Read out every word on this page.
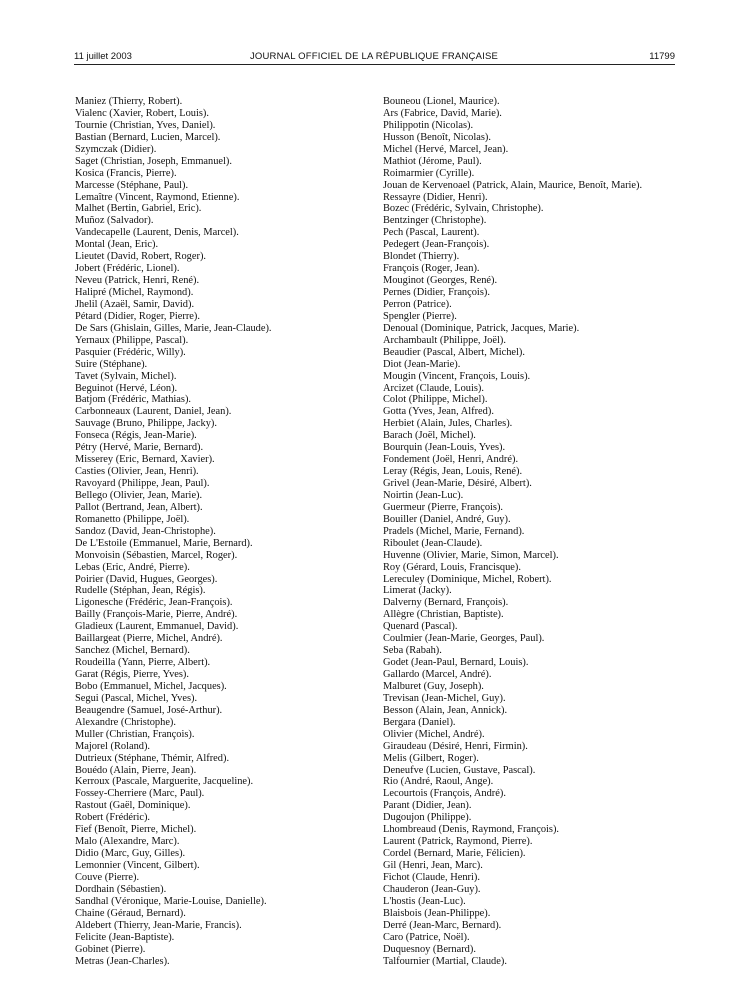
11 juillet 2003	JOURNAL OFFICIEL DE LA RÉPUBLIQUE FRANÇAISE	11799
Maniez (Thierry, Robert).
Vialenc (Xavier, Robert, Louis).
Tournie (Christian, Yves, Daniel).
Bastian (Bernard, Lucien, Marcel).
Szymczak (Didier).
Saget (Christian, Joseph, Emmanuel).
Kosica (Francis, Pierre).
Marcesse (Stéphane, Paul).
Lemaître (Vincent, Raymond, Etienne).
Malhet (Bertin, Gabriel, Eric).
Muñoz (Salvador).
Vandecapelle (Laurent, Denis, Marcel).
Montal (Jean, Eric).
Lieutet (David, Robert, Roger).
Jobert (Frédéric, Lionel).
Neveu (Patrick, Henri, René).
Halipré (Michel, Raymond).
Jhelil (Azaël, Samir, David).
Pétard (Didier, Roger, Pierre).
De Sars (Ghislain, Gilles, Marie, Jean-Claude).
Yernaux (Philippe, Pascal).
Pasquier (Frédéric, Willy).
Suire (Stéphane).
Tavet (Sylvain, Michel).
Beguinot (Hervé, Léon).
Batjom (Frédéric, Mathias).
Carbonneaux (Laurent, Daniel, Jean).
Sauvage (Bruno, Philippe, Jacky).
Fonseca (Régis, Jean-Marie).
Pétry (Hervé, Marie, Bernard).
Misserey (Eric, Bernard, Xavier).
Casties (Olivier, Jean, Henri).
Ravoyard (Philippe, Jean, Paul).
Bellego (Olivier, Jean, Marie).
Pallot (Bertrand, Jean, Albert).
Romanetto (Philippe, Joël).
Sandoz (David, Jean-Christophe).
De L'Estoile (Emmanuel, Marie, Bernard).
Monvoisin (Sébastien, Marcel, Roger).
Lebas (Eric, André, Pierre).
Poirier (David, Hugues, Georges).
Rudelle (Stéphan, Jean, Régis).
Ligonesche (Frédéric, Jean-François).
Bailly (François-Marie, Pierre, André).
Gladieux (Laurent, Emmanuel, David).
Baillargeat (Pierre, Michel, André).
Sanchez (Michel, Bernard).
Roudeilla (Yann, Pierre, Albert).
Garat (Régis, Pierre, Yves).
Bobo (Emmanuel, Michel, Jacques).
Segui (Pascal, Michel, Yves).
Beaugendre (Samuel, José-Arthur).
Alexandre (Christophe).
Muller (Christian, François).
Majorel (Roland).
Dutrieux (Stéphane, Thémir, Alfred).
Bouédo (Alain, Pierre, Jean).
Kerroux (Pascale, Marguerite, Jacqueline).
Fossey-Cherriere (Marc, Paul).
Rastout (Gaël, Dominique).
Robert (Frédéric).
Fief (Benoît, Pierre, Michel).
Malo (Alexandre, Marc).
Didio (Marc, Guy, Gilles).
Lemonnier (Vincent, Gilbert).
Couve (Pierre).
Dordhain (Sébastien).
Sandhal (Véronique, Marie-Louise, Danielle).
Chaine (Géraud, Bernard).
Aldebert (Thierry, Jean-Marie, Francis).
Felicite (Jean-Baptiste).
Gobinet (Pierre).
Metras (Jean-Charles).
Bouneou (Lionel, Maurice).
Ars (Fabrice, David, Marie).
Philippotin (Nicolas).
Husson (Benoît, Nicolas).
Michel (Hervé, Marcel, Jean).
Mathiot (Jérome, Paul).
Roimarmier (Cyrille).
Jouan de Kervenoael (Patrick, Alain, Maurice, Benoît, Marie).
Ressayre (Didier, Henri).
Bozec (Frédéric, Sylvain, Christophe).
Bentzinger (Christophe).
Pech (Pascal, Laurent).
Pedegert (Jean-François).
Blondet (Thierry).
François (Roger, Jean).
Mouginot (Georges, René).
Pernes (Didier, François).
Perron (Patrice).
Spengler (Pierre).
Denoual (Dominique, Patrick, Jacques, Marie).
Archambault (Philippe, Joël).
Beaudier (Pascal, Albert, Michel).
Diot (Jean-Marie).
Mougin (Vincent, François, Louis).
Arcizet (Claude, Louis).
Colot (Philippe, Michel).
Gotta (Yves, Jean, Alfred).
Herbiet (Alain, Jules, Charles).
Barach (Joël, Michel).
Bourquin (Jean-Louis, Yves).
Fondement (Joël, Henri, André).
Leray (Régis, Jean, Louis, René).
Grivel (Jean-Marie, Désiré, Albert).
Noirtin (Jean-Luc).
Guermeur (Pierre, François).
Bouiller (Daniel, André, Guy).
Pradels (Michel, Marie, Fernand).
Riboulet (Jean-Claude).
Huvenne (Olivier, Marie, Simon, Marcel).
Roy (Gérard, Louis, Francisque).
Lereculey (Dominique, Michel, Robert).
Limerat (Jacky).
Dalverny (Bernard, François).
Allègre (Christian, Baptiste).
Quenard (Pascal).
Coulmier (Jean-Marie, Georges, Paul).
Seba (Rabah).
Godet (Jean-Paul, Bernard, Louis).
Gallardo (Marcel, André).
Malburet (Guy, Joseph).
Trevisan (Jean-Michel, Guy).
Besson (Alain, Jean, Annick).
Bergara (Daniel).
Olivier (Michel, André).
Giraudeau (Désiré, Henri, Firmin).
Melis (Gilbert, Roger).
Deneufve (Lucien, Gustave, Pascal).
Rio (André, Raoul, Ange).
Lecourtois (François, André).
Parant (Didier, Jean).
Dugoujon (Philippe).
Lhombreaud (Denis, Raymond, François).
Laurent (Patrick, Raymond, Pierre).
Cordel (Bernard, Marie, Félicien).
Gil (Henri, Jean, Marc).
Fichot (Claude, Henri).
Chauderon (Jean-Guy).
L'hostis (Jean-Luc).
Blaisbois (Jean-Philippe).
Derré (Jean-Marc, Bernard).
Caro (Patrice, Noël).
Duquesnoy (Bernard).
Talfournier (Martial, Claude).
